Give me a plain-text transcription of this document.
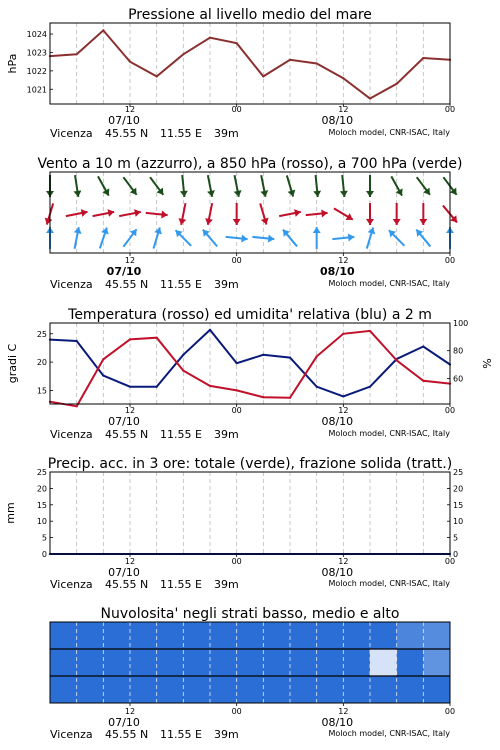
Pressione al livello medio del mare
12	00	12	00
07/10	08/10
Vicenza 45.55 N 11.55 E 39m	Moloch model, CNR-ISAC, Italy
1021
1022
1023
1024
hPa
Vento a 10 m (azzurro), a 850 hPa (rosso), a 700 hPa (verde)
12	00	12	00
07/10	08/10
Vicenza 45.55 N 11.55 E 39m	Moloch model, CNR-ISAC, Italy
Temperatura (rosso) ed umidita' relativa (blu) a 2 m
12	00	12	00
07/10	08/10
Vicenza 45.55 N 11.55 E 39m	Moloch model, CNR-ISAC, Italy
15
20
25
60
80
100
gradi C	%
Precip. acc. in 3 ore: totale (verde), frazione solida (tratt.)
12	00	12	00
07/10	08/10
Vicenza 45.55 N 11.55 E 39m	Moloch model, CNR-ISAC, Italy
0
5
10
15
20
25
0
5
10
15
20
25
mm
Nuvolosita' negli strati basso, medio e alto
12	00	12	00
07/10	08/10
Vicenza 45.55 N 11.55 E 39m	Moloch model, CNR-ISAC, Italy
